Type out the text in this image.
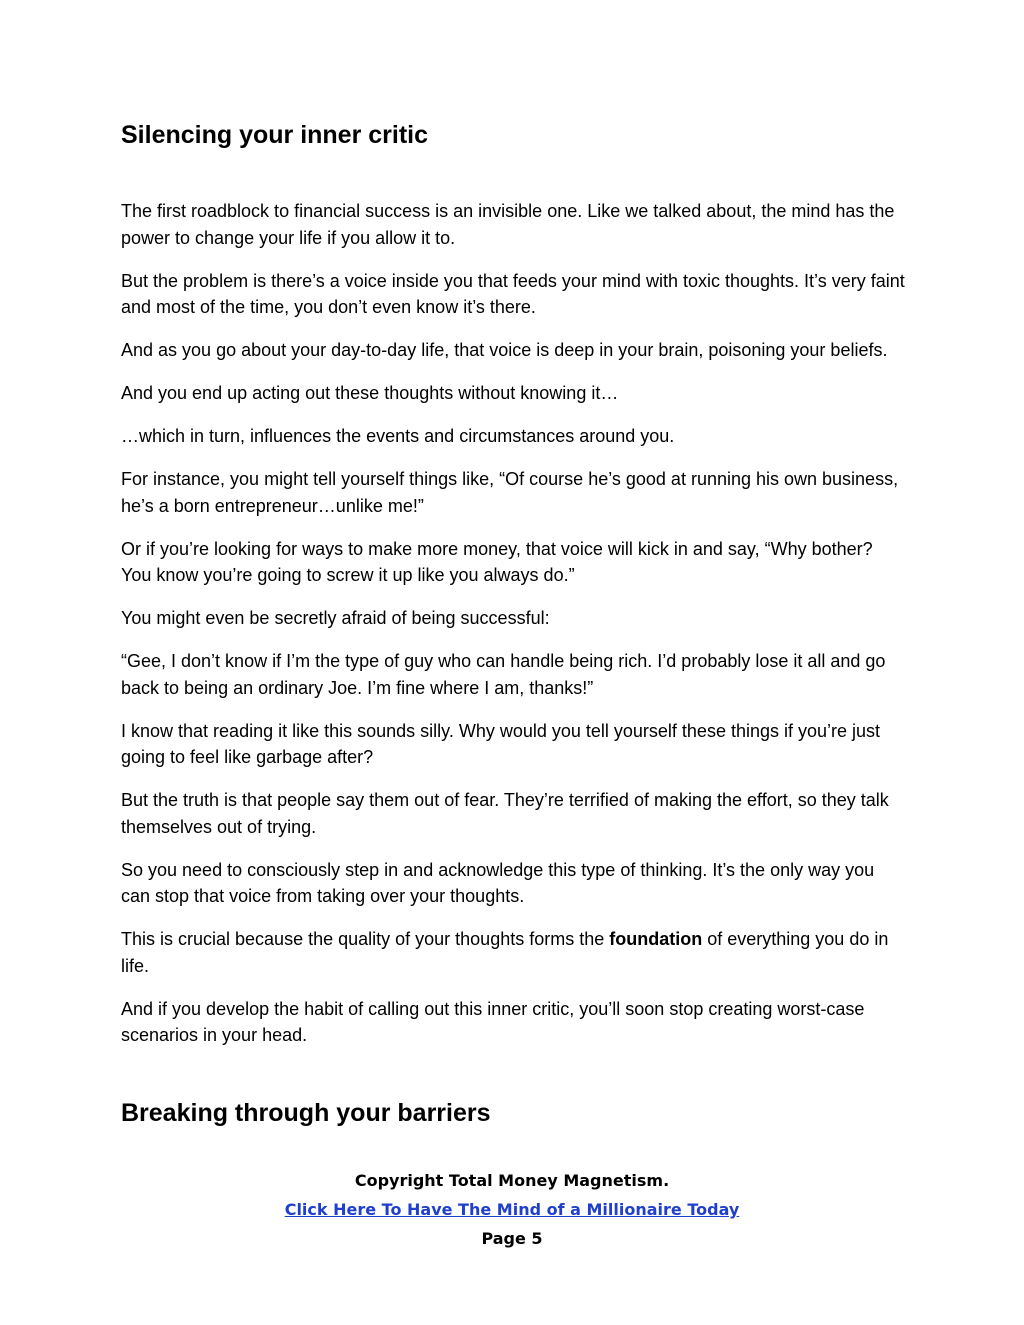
Silencing your inner critic

The first roadblock to financial success is an invisible one. Like we talked about, the mind has the power to change your life if you allow it to.

But the problem is there’s a voice inside you that feeds your mind with toxic thoughts. It’s very faint and most of the time, you don’t even know it’s there.

And as you go about your day-to-day life, that voice is deep in your brain, poisoning your beliefs.

And you end up acting out these thoughts without knowing it…

…which in turn, influences the events and circumstances around you.

For instance, you might tell yourself things like, “Of course he’s good at running his own business, he’s a born entrepreneur…unlike me!”

Or if you’re looking for ways to make more money, that voice will kick in and say, “Why bother? You know you’re going to screw it up like you always do.”

You might even be secretly afraid of being successful:

“Gee, I don’t know if I’m the type of guy who can handle being rich. I’d probably lose it all and go back to being an ordinary Joe. I’m fine where I am, thanks!”

I know that reading it like this sounds silly. Why would you tell yourself these things if you’re just going to feel like garbage after?

But the truth is that people say them out of fear. They’re terrified of making the effort, so they talk themselves out of trying.

So you need to consciously step in and acknowledge this type of thinking. It’s the only way you can stop that voice from taking over your thoughts.

This is crucial because the quality of your thoughts forms the foundation of everything you do in life.

And if you develop the habit of calling out this inner critic, you’ll soon stop creating worst-case scenarios in your head.

Breaking through your barriers
Copyright Total Money Magnetism.
Click Here To Have The Mind of a Millionaire Today
Page 5
